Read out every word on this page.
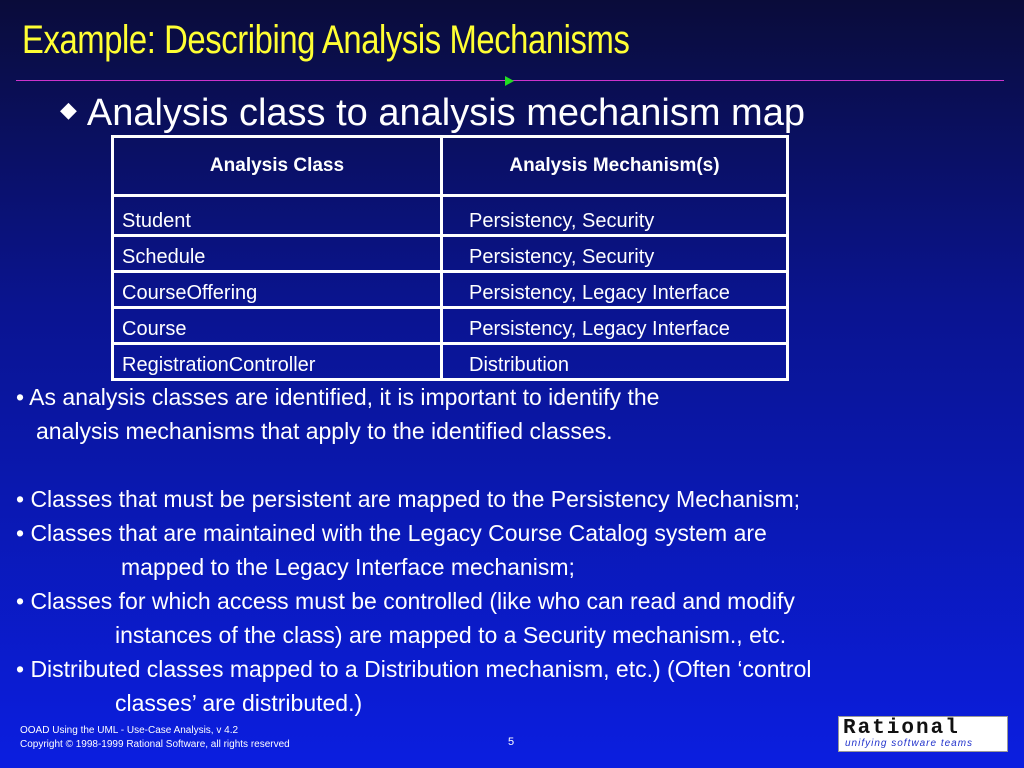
Example: Describing Analysis Mechanisms
◆ Analysis class to analysis mechanism map
Analysis Class	Analysis Mechanism(s)
Student	Persistency, Security
Schedule	Persistency, Security
CourseOffering	Persistency, Legacy Interface
Course	Persistency, Legacy Interface
RegistrationController	Distribution
• As analysis classes are identified, it is important to identify the
analysis mechanisms that apply to the identified classes.
• Classes that must be persistent are mapped to the Persistency Mechanism;
• Classes that are maintained with the Legacy Course Catalog system are
mapped to the Legacy Interface mechanism;
• Classes for which access must be controlled (like who can read and modify
instances of the class) are mapped to a Security mechanism., etc.
• Distributed classes mapped to a Distribution mechanism, etc.) (Often ‘control
classes’ are distributed.)
OOAD Using the UML - Use-Case Analysis, v 4.2
Copyright © 1998-1999 Rational Software, all rights reserved	5
Rational
unifying software teams
